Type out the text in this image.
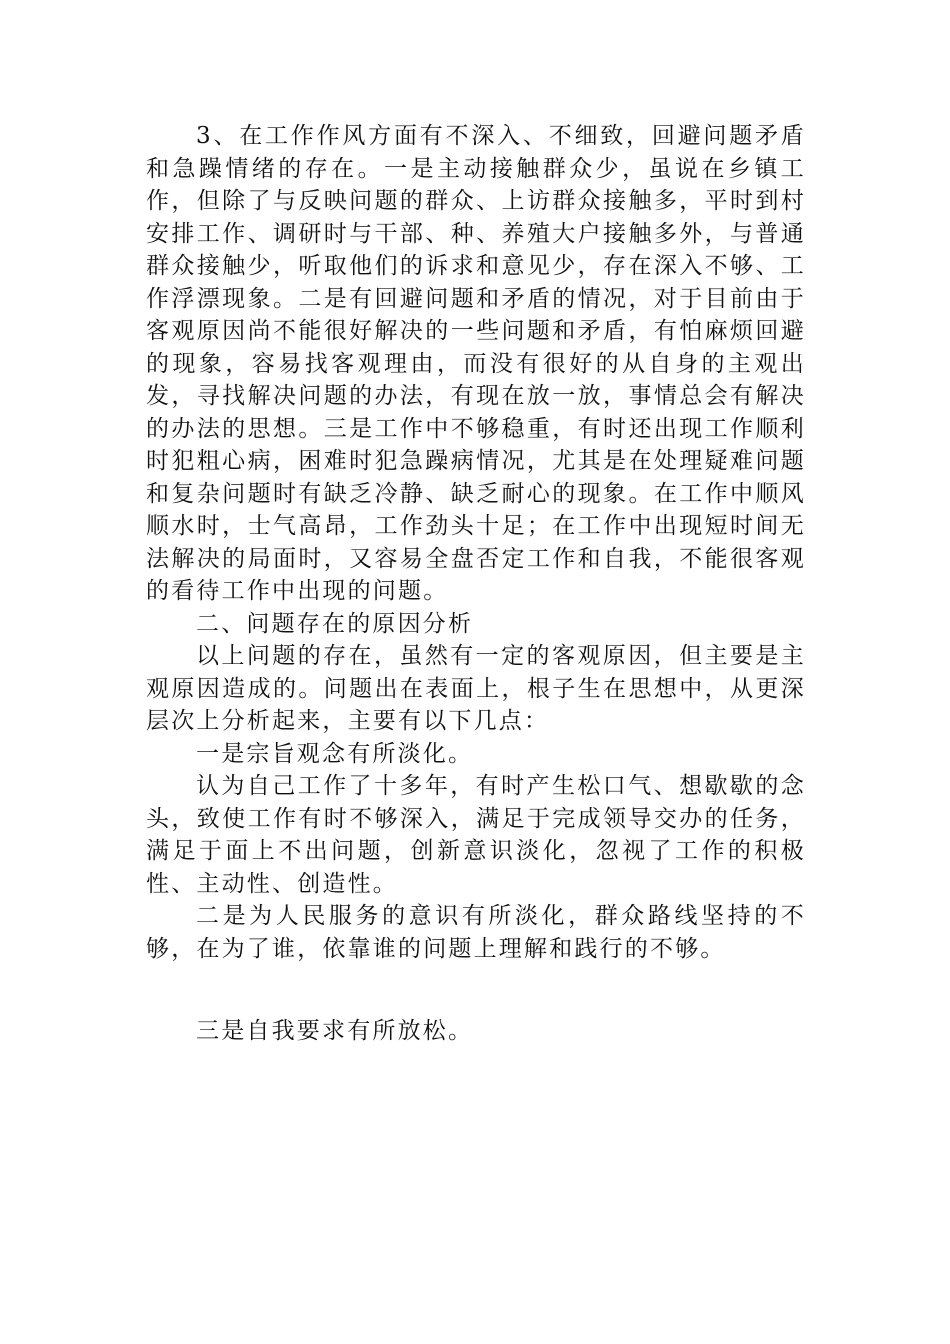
3、在工作作风方面有不深入、不细致，回避问题矛盾和急躁情绪的存在。一是主动接触群众少，虽说在乡镇工作，但除了与反映问题的群众、上访群众接触多，平时到村安排工作、调研时与干部、种、养殖大户接触多外，与普通群众接触少，听取他们的诉求和意见少，存在深入不够、工作浮漂现象。二是有回避问题和矛盾的情况，对于目前由于客观原因尚不能很好解决的一些问题和矛盾，有怕麻烦回避的现象，容易找客观理由，而没有很好的从自身的主观出发，寻找解决问题的办法，有现在放一放，事情总会有解决的办法的思想。三是工作中不够稳重，有时还出现工作顺利时犯粗心病，困难时犯急躁病情况，尤其是在处理疑难问题和复杂问题时有缺乏冷静、缺乏耐心的现象。在工作中顺风顺水时，士气高昂，工作劲头十足；在工作中出现短时间无法解决的局面时，又容易全盘否定工作和自我，不能很客观的看待工作中出现的问题。

二、问题存在的原因分析

以上问题的存在，虽然有一定的客观原因，但主要是主观原因造成的。问题出在表面上，根子生在思想中，从更深层次上分析起来，主要有以下几点：

一是宗旨观念有所淡化。

认为自己工作了十多年，有时产生松口气、想歇歇的念头，致使工作有时不够深入，满足于完成领导交办的任务，满足于面上不出问题，创新意识淡化，忽视了工作的积极性、主动性、创造性。

二是为人民服务的意识有所淡化，群众路线坚持的不够，在为了谁，依靠谁的问题上理解和践行的不够。

三是自我要求有所放松。
